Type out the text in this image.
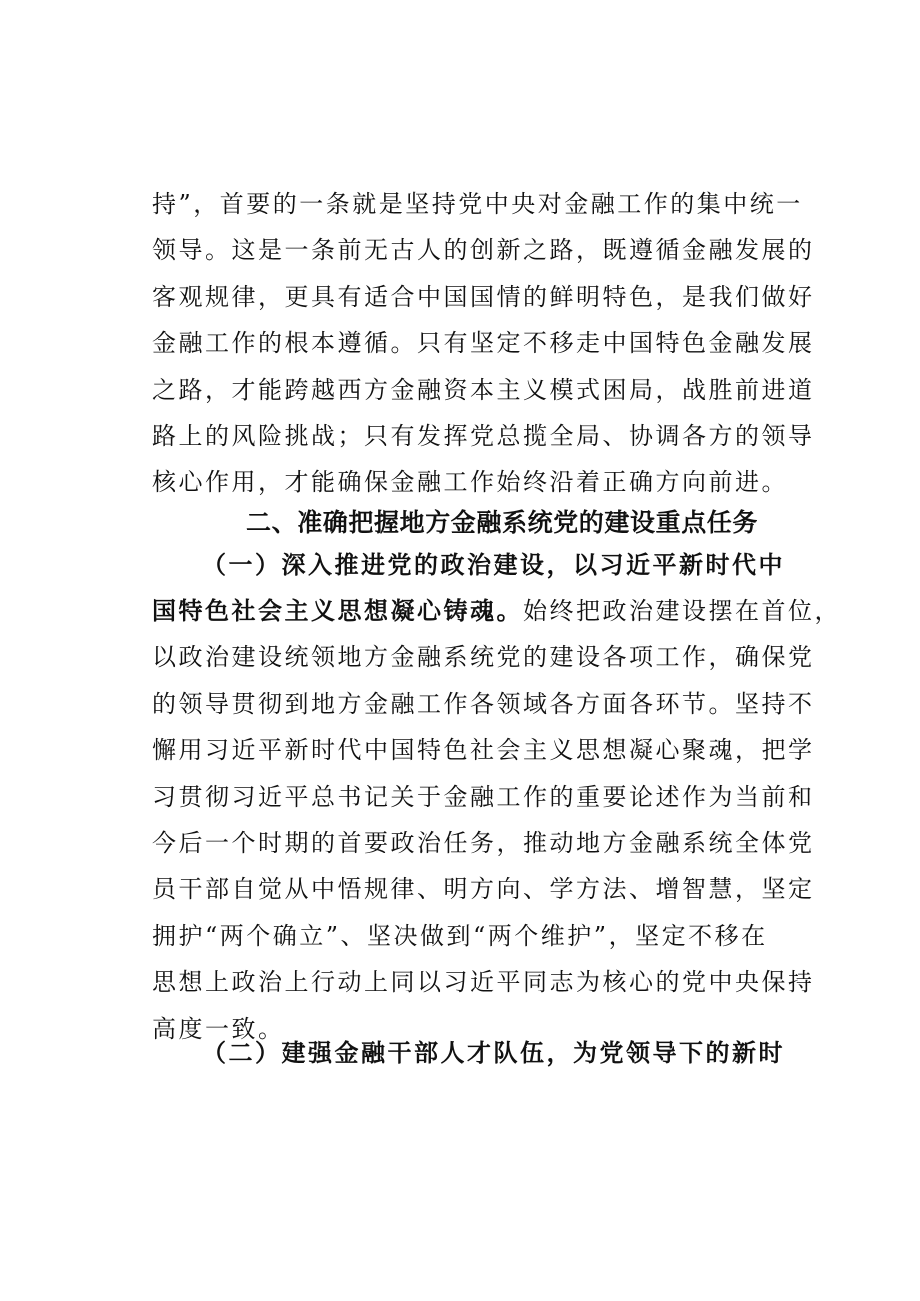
持”，首要的一条就是坚持党中央对金融工作的集中统一
领导。这是一条前无古人的创新之路，既遵循金融发展的
客观规律，更具有适合中国国情的鲜明特色，是我们做好
金融工作的根本遵循。只有坚定不移走中国特色金融发展
之路，才能跨越西方金融资本主义模式困局，战胜前进道
路上的风险挑战；只有发挥党总揽全局、协调各方的领导
核心作用，才能确保金融工作始终沿着正确方向前进。
二、准确把握地方金融系统党的建设重点任务
（一）深入推进党的政治建设，以习近平新时代中
国特色社会主义思想凝心铸魂。始终把政治建设摆在首位，
以政治建设统领地方金融系统党的建设各项工作，确保党
的领导贯彻到地方金融工作各领域各方面各环节。坚持不
懈用习近平新时代中国特色社会主义思想凝心聚魂，把学
习贯彻习近平总书记关于金融工作的重要论述作为当前和
今后一个时期的首要政治任务，推动地方金融系统全体党
员干部自觉从中悟规律、明方向、学方法、增智慧，坚定
拥护“两个确立”、坚决做到“两个维护”，坚定不移在
思想上政治上行动上同以习近平同志为核心的党中央保持
高度一致。
（二）建强金融干部人才队伍，为党领导下的新时
